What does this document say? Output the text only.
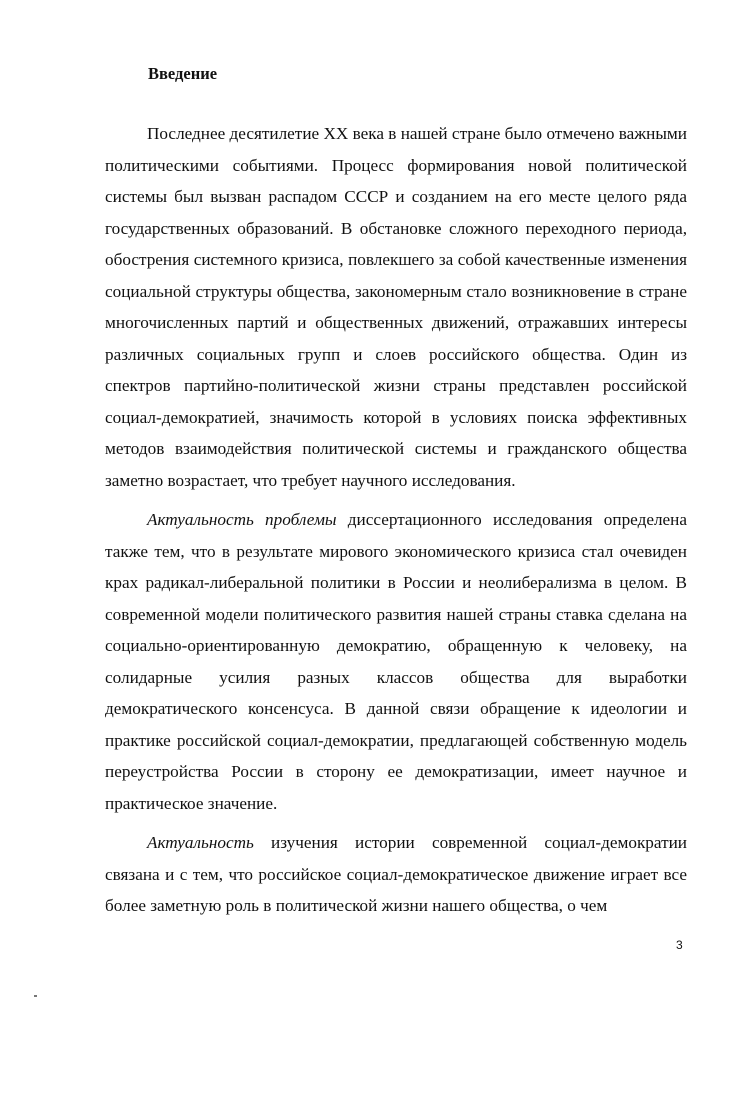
Введение

Последнее десятилетие XX века в нашей стране было отмечено важными политическими событиями. Процесс формирования новой политической системы был вызван распадом СССР и созданием на его месте целого ряда государственных образований. В обстановке сложного переходного периода, обострения системного кризиса, повлекшего за собой качественные изменения социальной структуры общества, закономерным стало возникновение в стране многочисленных партий и общественных движений, отражавших интересы различных социальных групп и слоев российского общества. Один из спектров партийно-политической жизни страны представлен российской социал-демократией, значимость которой в условиях поиска эффективных методов взаимодействия политической системы и гражданского общества заметно возрастает, что требует научного исследования.

Актуальность проблемы диссертационного исследования определена также тем, что в результате мирового экономического кризиса стал очевиден крах радикал-либеральной политики в России и неолиберализма в целом. В современной модели политического развития нашей страны ставка сделана на социально-ориентированную демократию, обращенную к человеку, на солидарные усилия разных классов общества для выработки демократического консенсуса. В данной связи обращение к идеологии и практике российской социал-демократии, предлагающей собственную модель переустройства России в сторону ее демократизации, имеет научное и практическое значение.

Актуальность изучения истории современной социал-демократии связана и с тем, что российское социал-демократическое движение играет все более заметную роль в политической жизни нашего общества, о чем

3
